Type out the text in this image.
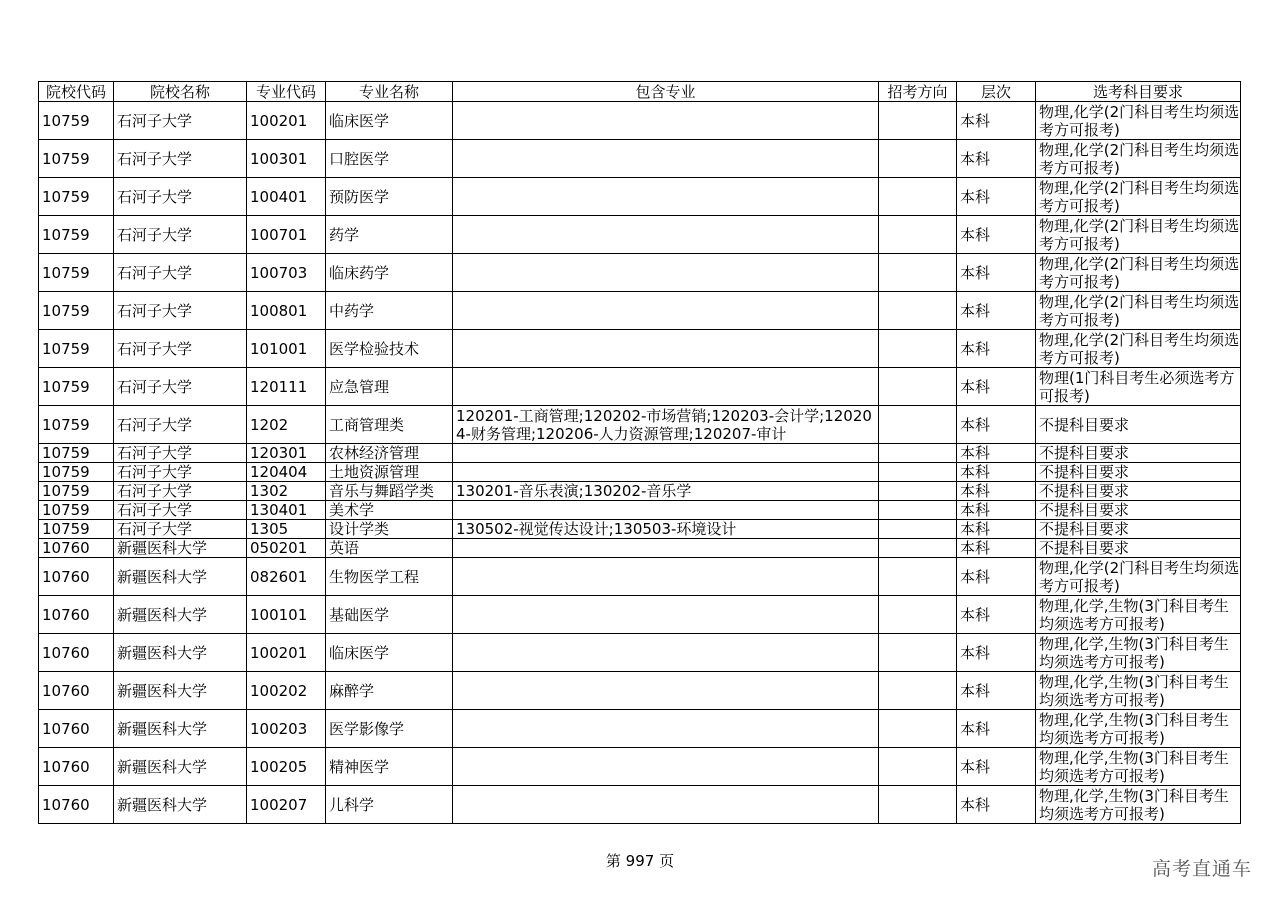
院校代码	院校名称	专业代码	专业名称	包含专业	招考方向	层次	选考科目要求
10759	石河子大学	100201	临床医学			本科	物理,化学(2门科目考生均须选考方可报考)
10759	石河子大学	100301	口腔医学			本科	物理,化学(2门科目考生均须选考方可报考)
10759	石河子大学	100401	预防医学			本科	物理,化学(2门科目考生均须选考方可报考)
10759	石河子大学	100701	药学			本科	物理,化学(2门科目考生均须选考方可报考)
10759	石河子大学	100703	临床药学			本科	物理,化学(2门科目考生均须选考方可报考)
10759	石河子大学	100801	中药学			本科	物理,化学(2门科目考生均须选考方可报考)
10759	石河子大学	101001	医学检验技术			本科	物理,化学(2门科目考生均须选考方可报考)
10759	石河子大学	120111	应急管理			本科	物理(1门科目考生必须选考方可报考)
10759	石河子大学	1202	工商管理类	120201-工商管理;120202-市场营销;120203-会计学;120204-财务管理;120206-人力资源管理;120207-审计		本科	不提科目要求
10759	石河子大学	120301	农林经济管理			本科	不提科目要求
10759	石河子大学	120404	土地资源管理			本科	不提科目要求
10759	石河子大学	1302	音乐与舞蹈学类	130201-音乐表演;130202-音乐学		本科	不提科目要求
10759	石河子大学	130401	美术学			本科	不提科目要求
10759	石河子大学	1305	设计学类	130502-视觉传达设计;130503-环境设计		本科	不提科目要求
10760	新疆医科大学	050201	英语			本科	不提科目要求
10760	新疆医科大学	082601	生物医学工程			本科	物理,化学(2门科目考生均须选考方可报考)
10760	新疆医科大学	100101	基础医学			本科	物理,化学,生物(3门科目考生均须选考方可报考)
10760	新疆医科大学	100201	临床医学			本科	物理,化学,生物(3门科目考生均须选考方可报考)
10760	新疆医科大学	100202	麻醉学			本科	物理,化学,生物(3门科目考生均须选考方可报考)
10760	新疆医科大学	100203	医学影像学			本科	物理,化学,生物(3门科目考生均须选考方可报考)
10760	新疆医科大学	100205	精神医学			本科	物理,化学,生物(3门科目考生均须选考方可报考)
10760	新疆医科大学	100207	儿科学			本科	物理,化学,生物(3门科目考生均须选考方可报考)
第 997 页	高考直通车
